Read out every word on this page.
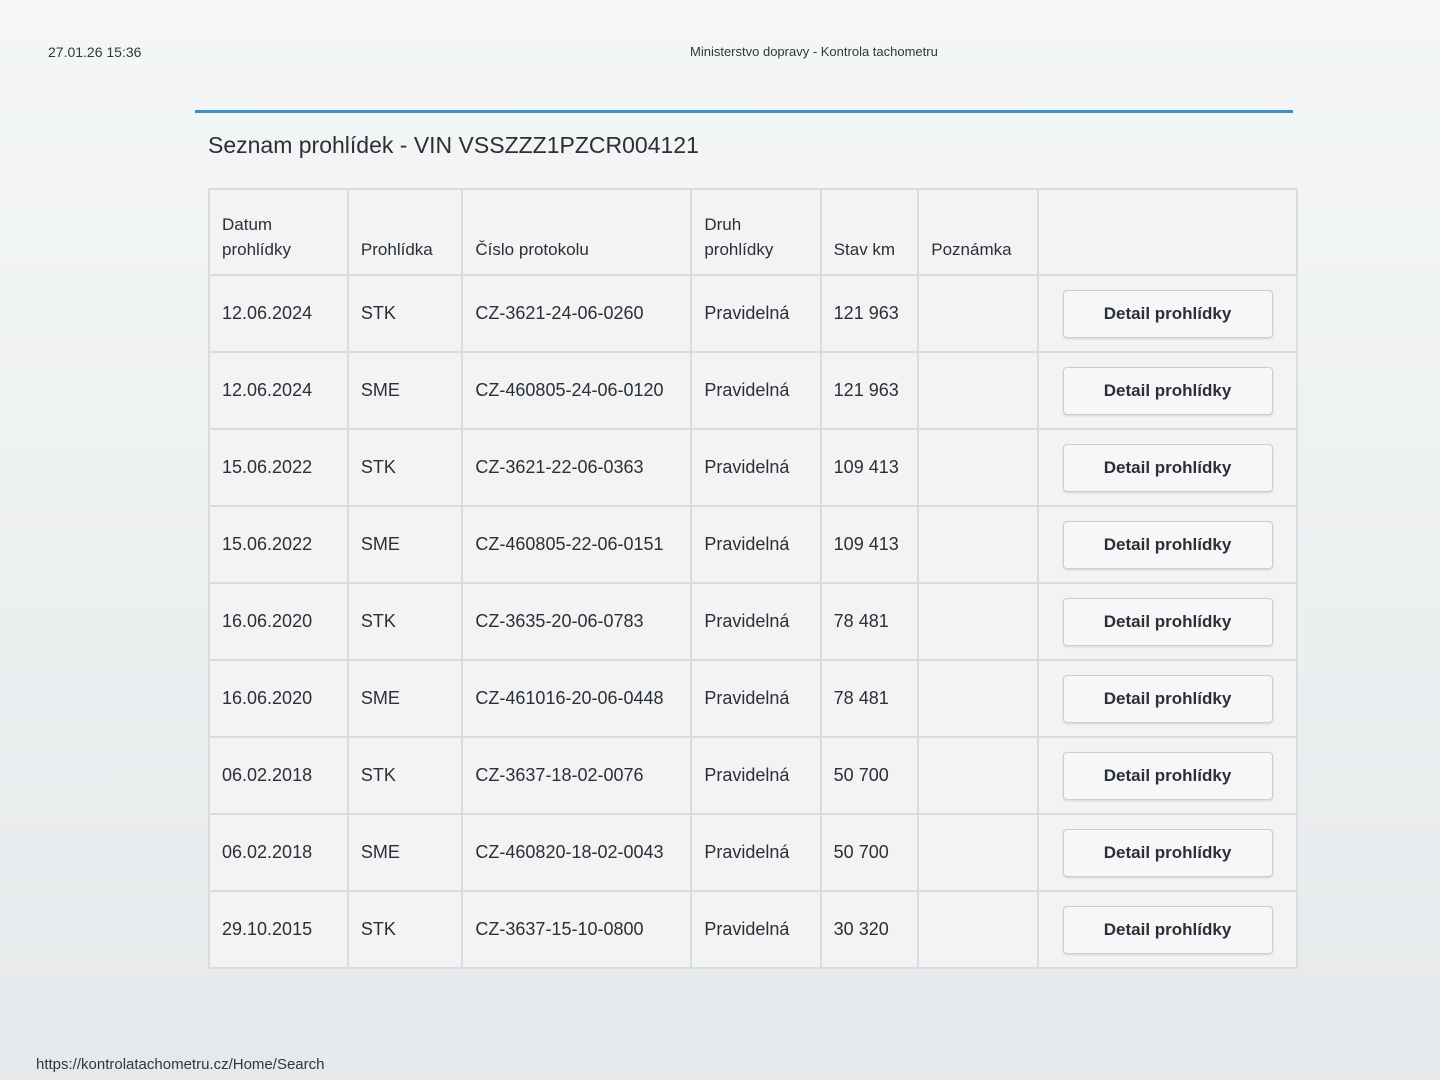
27.01.26 15:36	Ministerstvo dopravy - Kontrola tachometru
Seznam prohlídek - VIN VSSZZZ1PZCR004121
Datum prohlídky	Prohlídka	Číslo protokolu	Druh prohlídky	Stav km	Poznámka	
12.06.2024	STK	CZ-3621-24-06-0260	Pravidelná	121 963		Detail prohlídky

12.06.2024	SME	CZ-460805-24-06-0120	Pravidelná	121 963		Detail prohlídky

15.06.2022	STK	CZ-3621-22-06-0363	Pravidelná	109 413		Detail prohlídky

15.06.2022	SME	CZ-460805-22-06-0151	Pravidelná	109 413		Detail prohlídky

16.06.2020	STK	CZ-3635-20-06-0783	Pravidelná	78 481		Detail prohlídky

16.06.2020	SME	CZ-461016-20-06-0448	Pravidelná	78 481		Detail prohlídky

06.02.2018	STK	CZ-3637-18-02-0076	Pravidelná	50 700		Detail prohlídky

06.02.2018	SME	CZ-460820-18-02-0043	Pravidelná	50 700		Detail prohlídky

29.10.2015	STK	CZ-3637-15-10-0800	Pravidelná	30 320		Detail prohlídky
https://kontrolatachometru.cz/Home/Search
